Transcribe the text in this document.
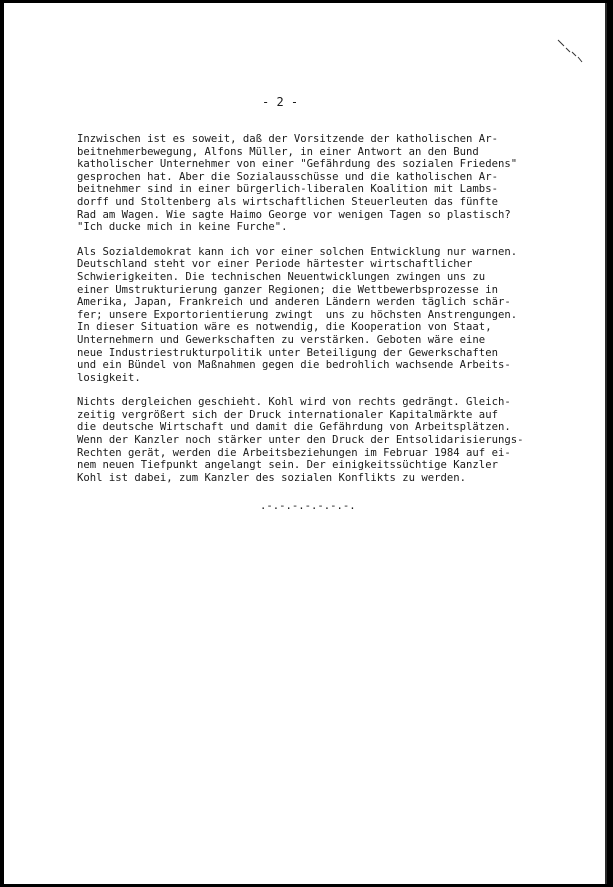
- 2 -
Inzwischen ist es soweit, daß der Vorsitzende der katholischen Ar-
beitnehmerbewegung, Alfons Müller, in einer Antwort an den Bund
katholischer Unternehmer von einer "Gefährdung des sozialen Friedens"
gesprochen hat. Aber die Sozialausschüsse und die katholischen Ar-
beitnehmer sind in einer bürgerlich-liberalen Koalition mit Lambs-
dorff und Stoltenberg als wirtschaftlichen Steuerleuten das fünfte
Rad am Wagen. Wie sagte Haimo George vor wenigen Tagen so plastisch?
"Ich ducke mich in keine Furche".
Als Sozialdemokrat kann ich vor einer solchen Entwicklung nur warnen.
Deutschland steht vor einer Periode härtester wirtschaftlicher
Schwierigkeiten. Die technischen Neuentwicklungen zwingen uns zu
einer Umstrukturierung ganzer Regionen; die Wettbewerbsprozesse in
Amerika, Japan, Frankreich und anderen Ländern werden täglich schär-
fer; unsere Exportorientierung zwingt  uns zu höchsten Anstrengungen.
In dieser Situation wäre es notwendig, die Kooperation von Staat,
Unternehmern und Gewerkschaften zu verstärken. Geboten wäre eine
neue Industriestrukturpolitik unter Beteiligung der Gewerkschaften
und ein Bündel von Maßnahmen gegen die bedrohlich wachsende Arbeits-
losigkeit.
Nichts dergleichen geschieht. Kohl wird von rechts gedrängt. Gleich-
zeitig vergrößert sich der Druck internationaler Kapitalmärkte auf
die deutsche Wirtschaft und damit die Gefährdung von Arbeitsplätzen.
Wenn der Kanzler noch stärker unter den Druck der Entsolidarisierungs-
Rechten gerät, werden die Arbeitsbeziehungen im Februar 1984 auf ei-
nem neuen Tiefpunkt angelangt sein. Der einigkeitssüchtige Kanzler
Kohl ist dabei, zum Kanzler des sozialen Konflikts zu werden.
.-.-.-.-.-.-.-.
